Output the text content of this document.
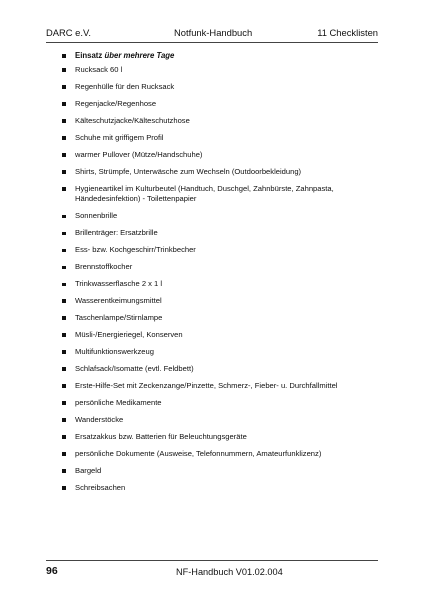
DARC e.V.	Notfunk-Handbuch	11 Checklisten
Einsatz über mehrere Tage
Rucksack 60 l
Regenhülle für den Rucksack
Regenjacke/Regenhose
Kälteschutzjacke/Kälteschutzhose
Schuhe mit griffigem Profil
warmer Pullover (Mütze/Handschuhe)
Shirts, Strümpfe, Unterwäsche zum Wechseln (Outdoorbekleidung)
Hygieneartikel im Kulturbeutel (Handtuch, Duschgel, Zahnbürste, Zahnpasta,
Händedesinfektion) - Toilettenpapier
Sonnenbrille
Brillenträger: Ersatzbrille
Ess- bzw. Kochgeschirr/Trinkbecher
Brennstoffkocher
Trinkwasserflasche 2 x 1 l
Wasserentkeimungsmittel
Taschenlampe/Stirnlampe
Müsli-/Energieriegel, Konserven
Multifunktionswerkzeug
Schlafsack/Isomatte (evtl. Feldbett)
Erste-Hilfe-Set mit Zeckenzange/Pinzette, Schmerz-, Fieber- u. Durchfallmittel
persönliche Medikamente
Wanderstöcke
Ersatzakkus bzw. Batterien für Beleuchtungsgeräte
persönliche Dokumente (Ausweise, Telefonnummern, Amateurfunklizenz)
Bargeld
Schreibsachen
96	NF-Handbuch V01.02.004
